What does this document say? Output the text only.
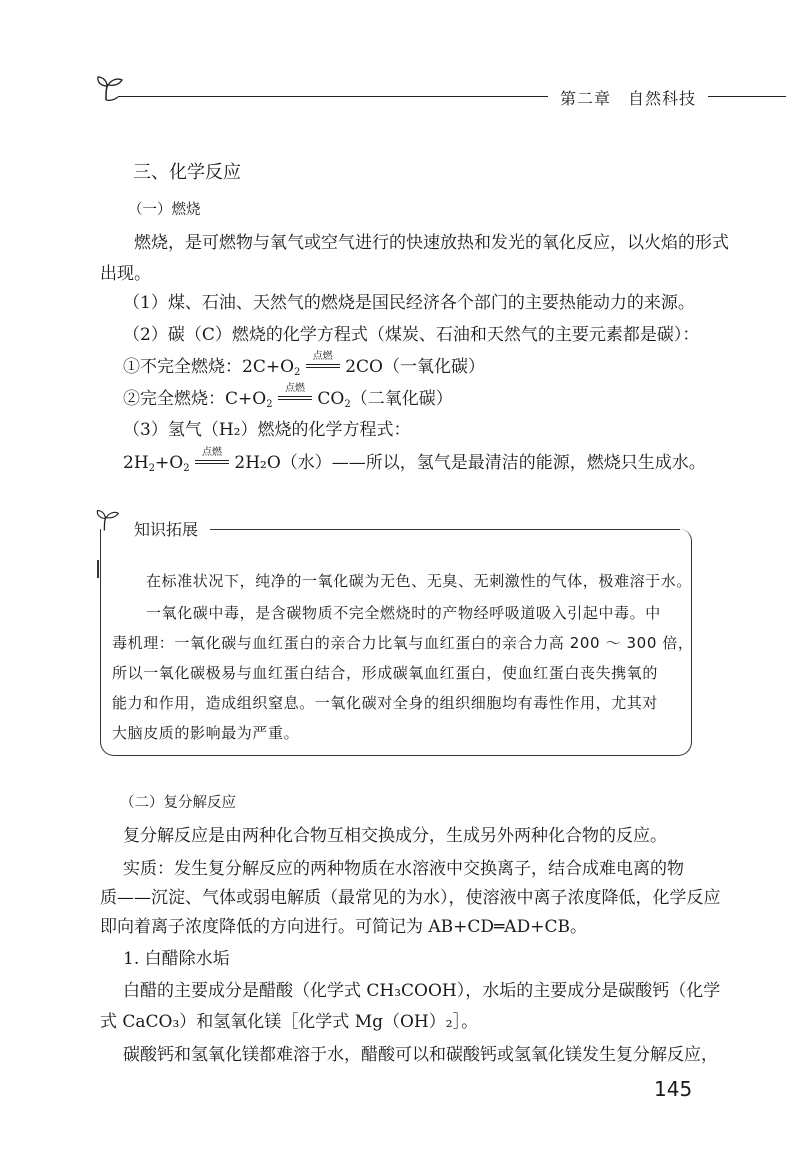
第二章　自然科技
三、化学反应
（一）燃烧
燃烧，是可燃物与氧气或空气进行的快速放热和发光的氧化反应，以火焰的形式
出现。
（1）煤、石油、天然气的燃烧是国民经济各个部门的主要热能动力的来源。
（2）碳（C）燃烧的化学方程式（煤炭、石油和天然气的主要元素都是碳）：
①不完全燃烧：$2C+O_2$
点燃
2CO（一氧化碳）
②完全燃烧：$C+O_2$
点燃
$CO_2$（二氧化碳）
（3）氢气（H₂）燃烧的化学方程式：
$2H_2+O_2$
点燃
2H₂O（水）——所以，氢气是最清洁的能源，燃烧只生成水。
知识拓展
在标准状况下，纯净的一氧化碳为无色、无臭、无刺激性的气体，极难溶于水。
一氧化碳中毒，是含碳物质不完全燃烧时的产物经呼吸道吸入引起中毒。中
毒机理：一氧化碳与血红蛋白的亲合力比氧与血红蛋白的亲合力高 200 ～ 300 倍，
所以一氧化碳极易与血红蛋白结合，形成碳氧血红蛋白，使血红蛋白丧失携氧的
能力和作用，造成组织窒息。一氧化碳对全身的组织细胞均有毒性作用，尤其对
大脑皮质的影响最为严重。
（二）复分解反应
复分解反应是由两种化合物互相交换成分，生成另外两种化合物的反应。
实质：发生复分解反应的两种物质在水溶液中交换离子，结合成难电离的物
质——沉淀、气体或弱电解质（最常见的为水），使溶液中离子浓度降低，化学反应
即向着离子浓度降低的方向进行。可简记为 AB+CD═AD+CB。
1. 白醋除水垢
白醋的主要成分是醋酸（化学式 CH₃COOH），水垢的主要成分是碳酸钙（化学
式 CaCO₃）和氢氧化镁［化学式 Mg（OH）₂］。
碳酸钙和氢氧化镁都难溶于水，醋酸可以和碳酸钙或氢氧化镁发生复分解反应，
145
